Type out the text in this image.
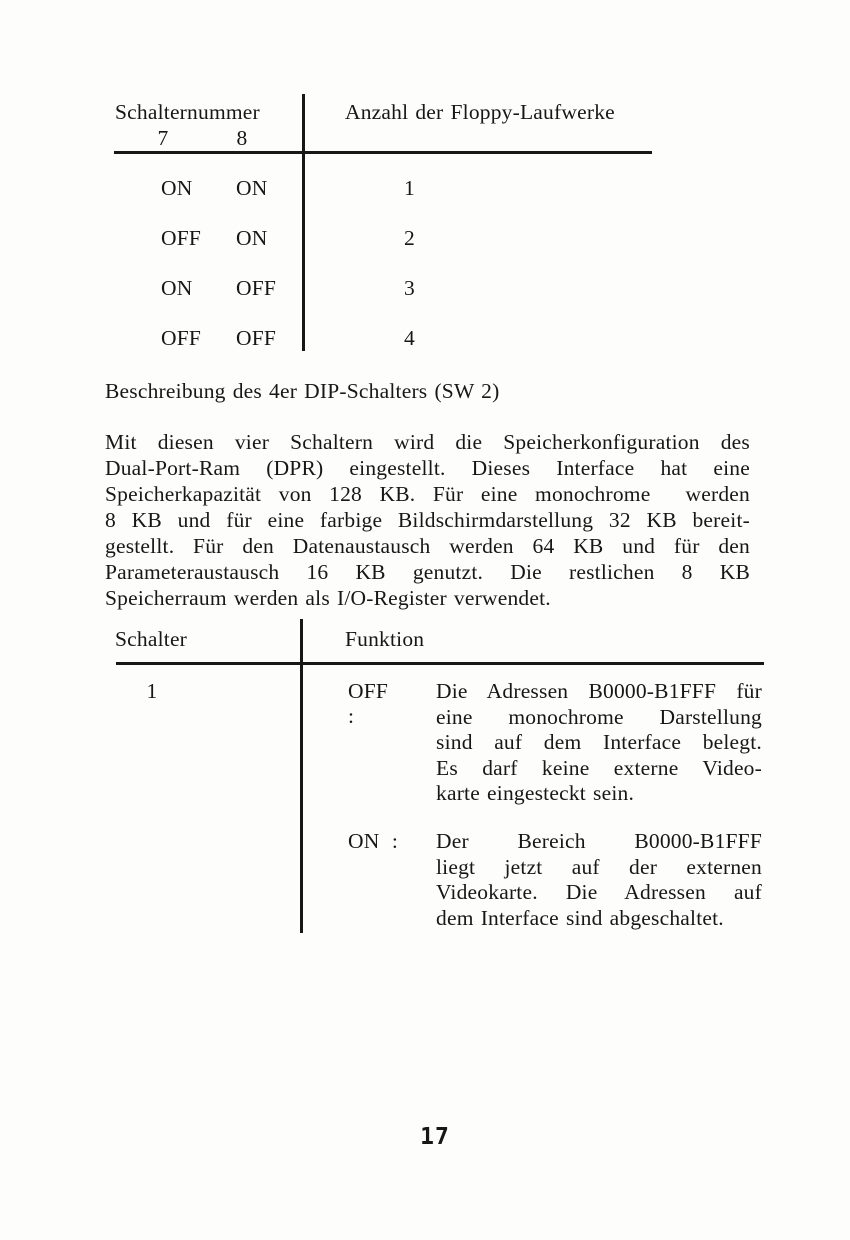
Schalternummer
7	8
Anzahl der Floppy-Laufwerke
ON ON	1
OFF ON	2
ON OFF	3
OFF OFF	4
Beschreibung des 4er DIP-Schalters (SW 2)
Mit diesen vier Schaltern wird die Speicherkonfiguration des
Dual-Port-Ram (DPR) eingestellt. Dieses Interface hat eine
Speicherkapazität von 128 KB. Für eine monochrome  werden
8 KB und für eine farbige Bildschirmdarstellung 32 KB bereit-
gestellt. Für den Datenaustausch werden 64 KB und für den
Parameteraustausch 16 KB genutzt. Die restlichen 8 KB
Speicherraum werden als I/O-Register verwendet.
Schalter	Funktion
1	OFF :
Die Adressen B0000-B1FFF für
eine monochrome Darstellung
sind auf dem Interface belegt.
Es darf keine externe Video-
karte eingesteckt sein.
ON : Der Bereich B0000-B1FFF
liegt jetzt auf der externen
Videokarte. Die Adressen auf
dem Interface sind abgeschaltet.
17
